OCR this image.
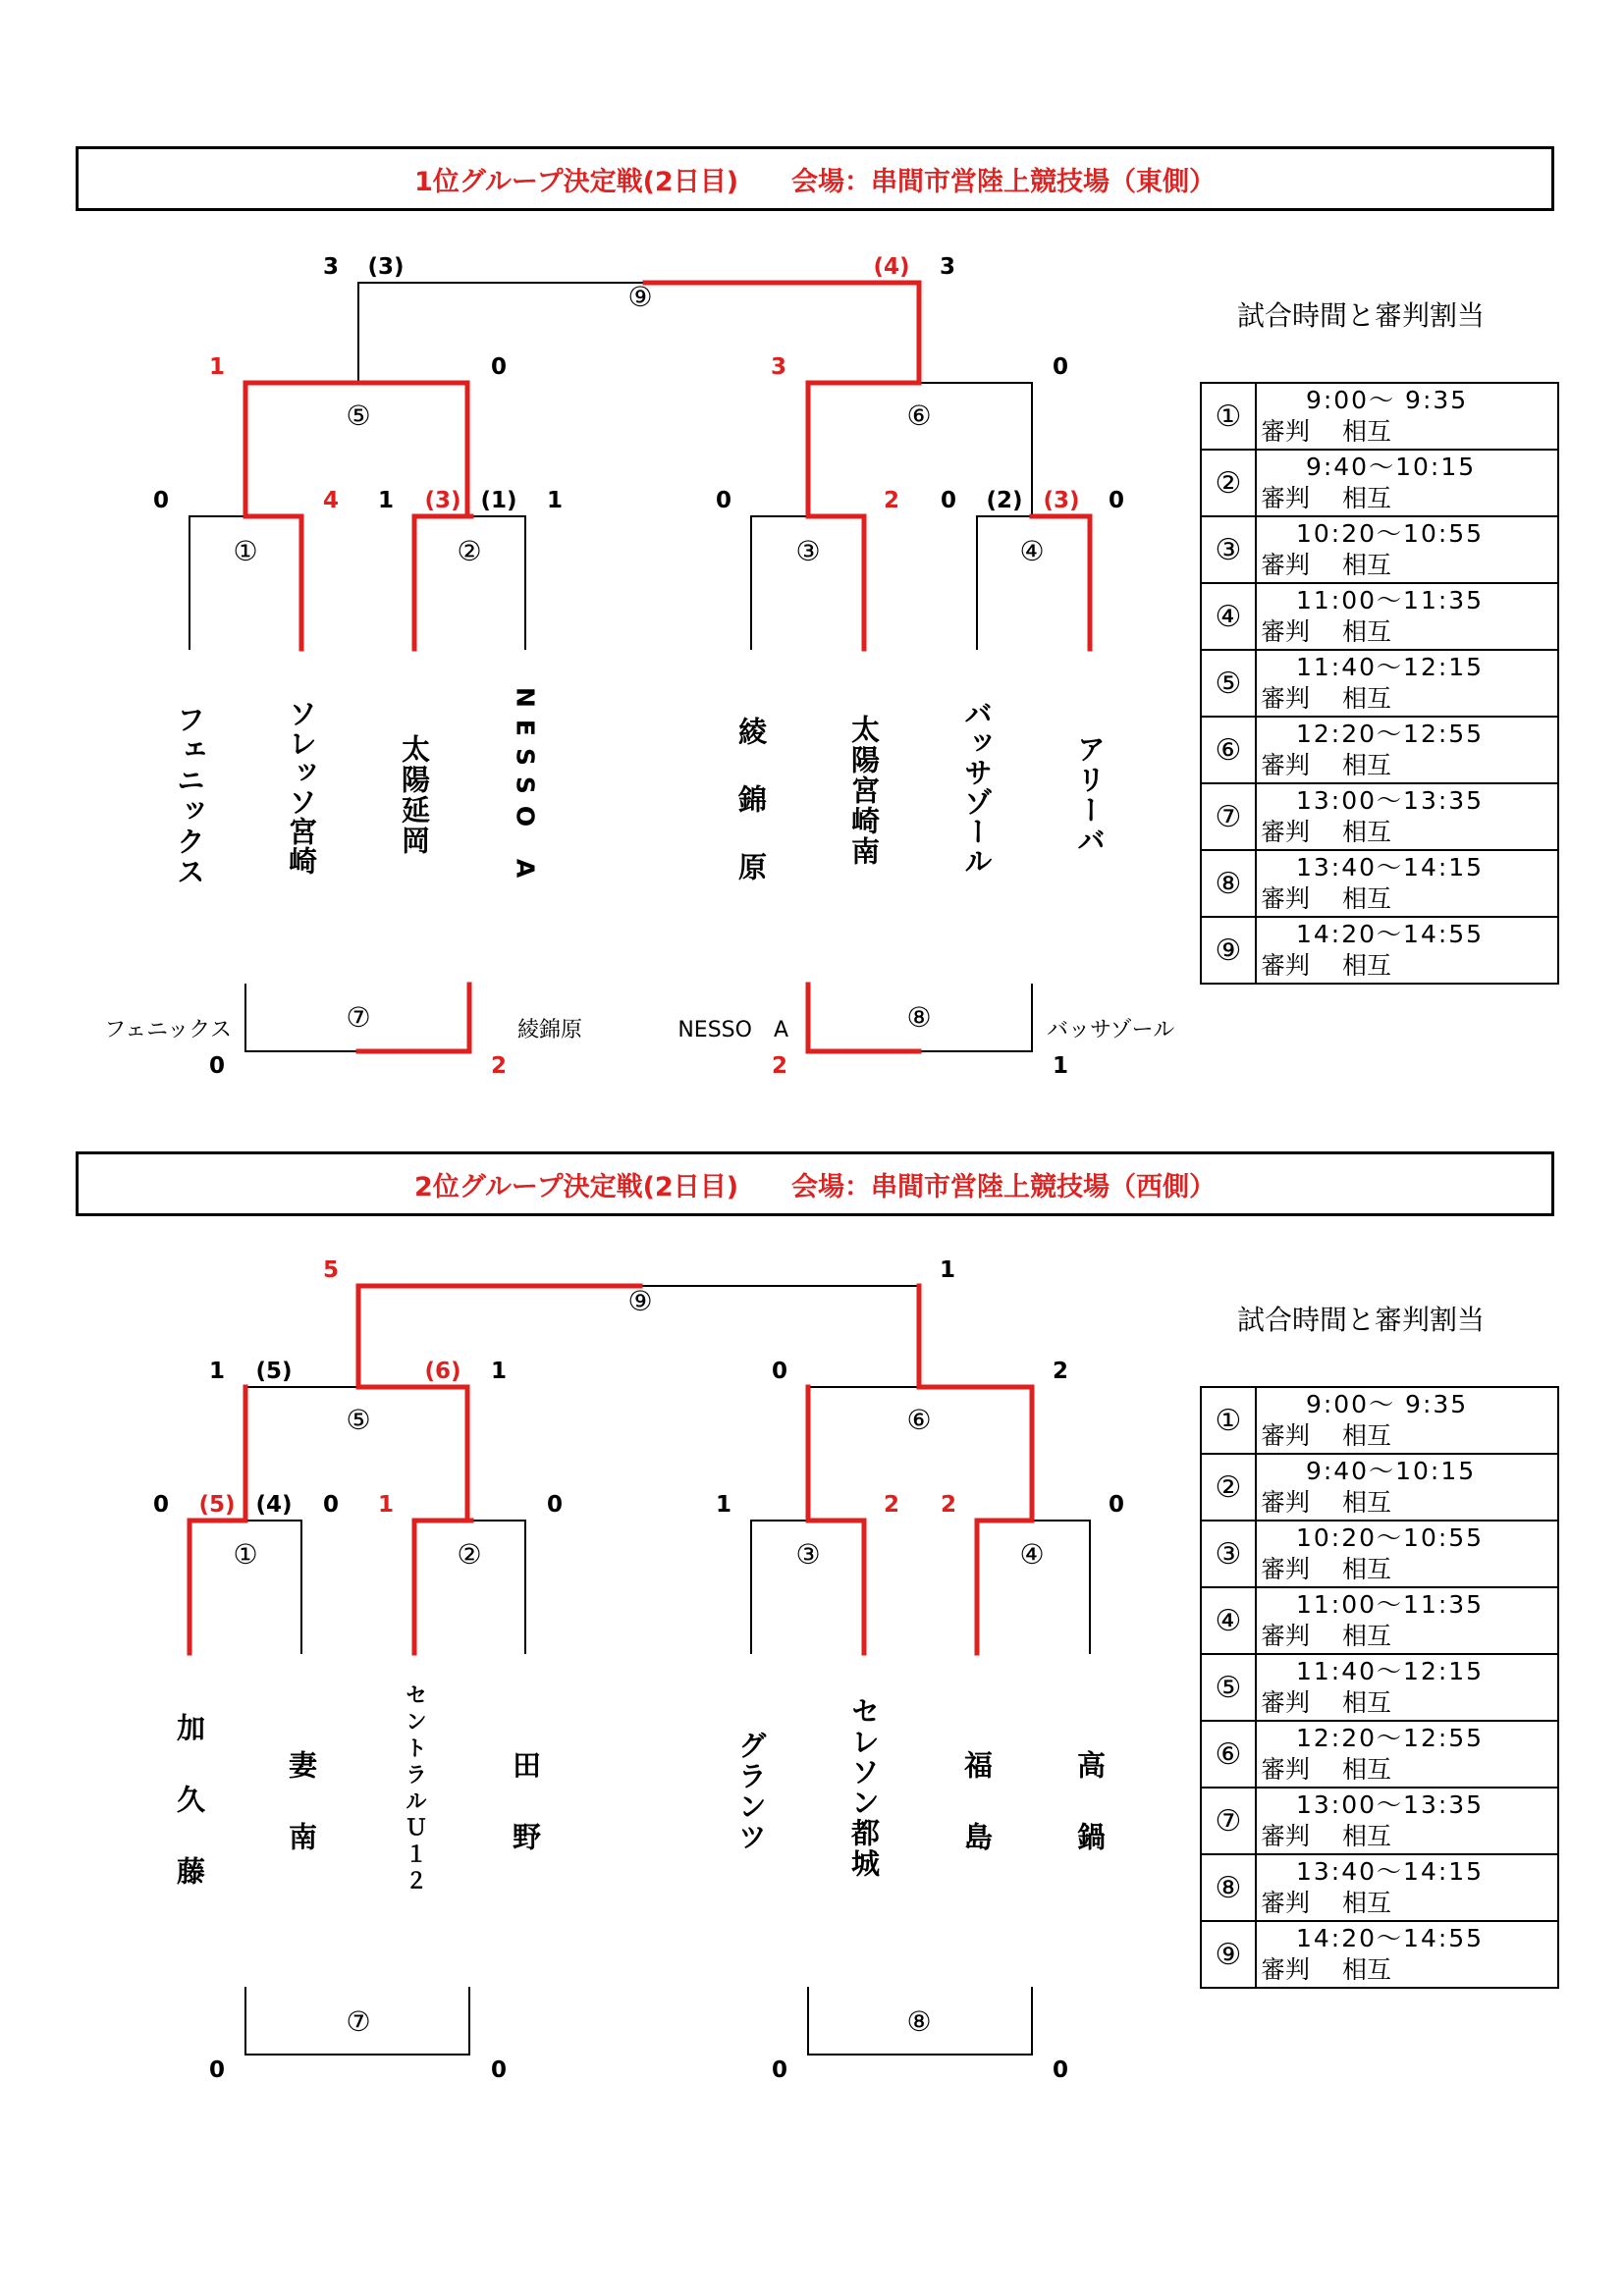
1位グループ決定戦(2日目)　　会場：串間市営陸上競技場（東側）
⑨
⑤	⑥
①	②	③	④
⑦	⑧
3 (3)	(4) 3
1	0	3	0
0	4 1 (3) (1) 1	0	2 0 (2) (3) 0
フェニックス	ソレッソ宮崎	太陽延岡	NESSO A	綾錦原	太陽宮崎南	バッサゾール	アリーバ
フェニックス	綾錦原	NESSO　A	バッサゾール
0	2	2	1
試合時間と審判割当
①	9:00～ 9:35
審判　 相互

②	9:40～10:15
審判　 相互

③	10:20～10:55
審判　 相互

④	11:00～11:35
審判　 相互

⑤	11:40～12:15
審判　 相互

⑥	12:20～12:55
審判　 相互

⑦	13:00～13:35
審判　 相互

⑧	13:40～14:15
審判　 相互

⑨	14:20～14:55
審判　 相互
2位グループ決定戦(2日目)　　会場：串間市営陸上競技場（西側）
⑨
⑤	⑥
①	②	③	④
⑦	⑧
5	1
1 (5)	(6) 1	0	2
0 (5) (4) 0 1	0	1	2 2	0
加久藤	妻南	セントラルＵ１２	田野	グランツ	セレソン都城	福島	高鍋
0	0	0	0
試合時間と審判割当
①	9:00～ 9:35
審判　 相互

②	9:40～10:15
審判　 相互

③	10:20～10:55
審判　 相互

④	11:00～11:35
審判　 相互

⑤	11:40～12:15
審判　 相互

⑥	12:20～12:55
審判　 相互

⑦	13:00～13:35
審判　 相互

⑧	13:40～14:15
審判　 相互

⑨	14:20～14:55
審判　 相互
